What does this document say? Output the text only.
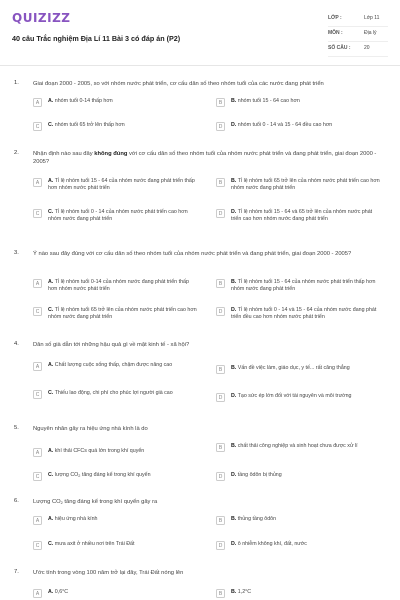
QUIZIZZ
40 câu Trắc nghiệm Địa Lí 11 Bài 3 có đáp án (P2)
LỚP :	Lớp 11
MÔN :	Địa lý
SỐ CÂU :	20
1. Giai đoạn 2000 - 2005, so với nhóm nước phát triển, cơ cấu dân số theo nhóm tuổi của các nước đang phát triển
A	A. nhóm tuổi 0-14 thấp hơn	B	B. nhóm tuổi 15 - 64 cao hơn
C	C. nhóm tuổi 65 trở lên thấp hơn	D	D. nhóm tuổi 0 - 14 và 15 - 64 đều cao hơn
2. Nhận định nào sau đây không đúng với cơ cấu dân số theo nhóm tuổi của nhóm nước phát triển và đang phát triển, giai đoạn 2000 - 2005?
A	A. Tỉ lệ nhóm tuổi 15 - 64 của nhóm nước đang phát triển thấp hơn nhóm nước phát triển
B	B. Tỉ lệ nhóm tuổi 65 trở lên của nhóm nước phát triển cao hơn nhóm nước đang phát triển
C	C. Tỉ lệ nhóm tuổi 0 - 14 của nhóm nước phát triển cao hơn nhóm nước đang phát triển
D	D. Tỉ lệ nhóm tuổi 15 - 64 và 65 trở lên của nhóm nước phát triển cao hơn nhóm nước đang phát triển
3. Ý nào sau đây đúng với cơ cấu dân số theo nhóm tuổi của nhóm nước phát triển và đang phát triển, giai đoạn 2000 - 2005?
A	A. Tỉ lệ nhóm tuổi 0-14 của nhóm nước đang phát triển thấp hơn nhóm nước phát triển
B	B. Tỉ lệ nhóm tuổi 15 - 64 của nhóm nước phát triển thấp hơn nhóm nước đang phát triển
C	C. Tỉ lệ nhóm tuổi 65 trở lên của nhóm nước phát triển cao hơn nhóm nước đang phát triển
D	D. Tỉ lệ nhóm tuổi 0 - 14 và 15 - 64 của nhóm nước đang phát triển đều cao hơn nhóm nước phát triển
4. Dân số già dẫn tới những hậu quả gì về mặt kinh tế - xã hội?
A	A. Chất lượng cuộc sống thấp, chậm được nâng cao
B	B. Vấn đề việc làm, giáo dục, y tế... rất căng thẳng
C	C. Thiếu lao động, chi phí cho phúc lợi người già cao
D	D. Tạo sức ép lớn đối với tài nguyên và môi trường
5. Nguyên nhân gây ra hiệu ứng nhà kính là do
A	A. khí thải CFCs quá lớn trong khí quyển	B	B. chất thải công nghiệp và sinh hoạt chưa được xử lí
C	C. lượng $CO_2$ tăng đáng kể trong khí quyển	D	D. tầng ôdôn bị thủng
6. Lượng $CO_2$ tăng đáng kể trong khí quyển gây ra
A	A. hiệu ứng nhà kính	B	B. thủng tầng ôdôn
C	C. mưa axit ở nhiều nơi trên Trái Đất	D	D. ô nhiễm không khí, đất, nước
7. Ước tính trong vòng 100 năm trở lại đây, Trái Đất nóng lên
A	A. 0,6°C	B	B. 1,2°C
